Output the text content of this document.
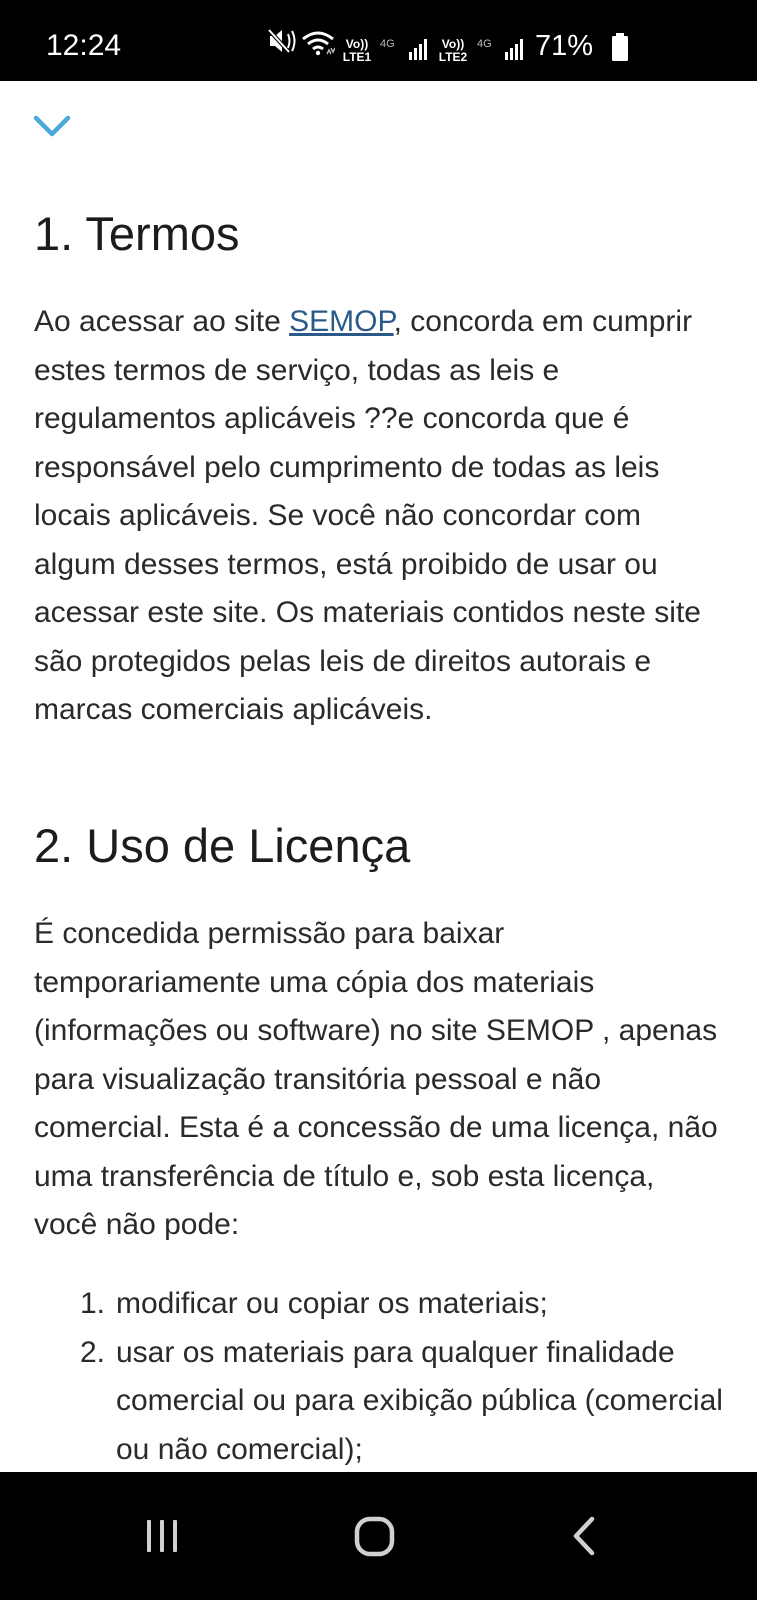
12:24	Vo))
LTE1
4G	Vo))
LTE2
4G 71%
1. Termos

Ao acessar ao site SEMOP, concorda em cumprir estes termos de serviço, todas as leis e regulamentos aplicáveis ??e concorda que é responsável pelo cumprimento de todas as leis locais aplicáveis. Se você não concordar com algum desses termos, está proibido de usar ou acessar este site. Os materiais contidos neste site são protegidos pelas leis de direitos autorais e marcas comerciais aplicáveis.

2. Uso de Licença

É concedida permissão para baixar temporariamente uma cópia dos materiais (informações ou software) no site SEMOP , apenas para visualização transitória pessoal e não comercial. Esta é a concessão de uma licença, não uma transferência de título e, sob esta licença, você não pode:

1. modificar ou copiar os materiais;
2. usar os materiais para qualquer finalidade comercial ou para exibição pública (comercial ou não comercial);
